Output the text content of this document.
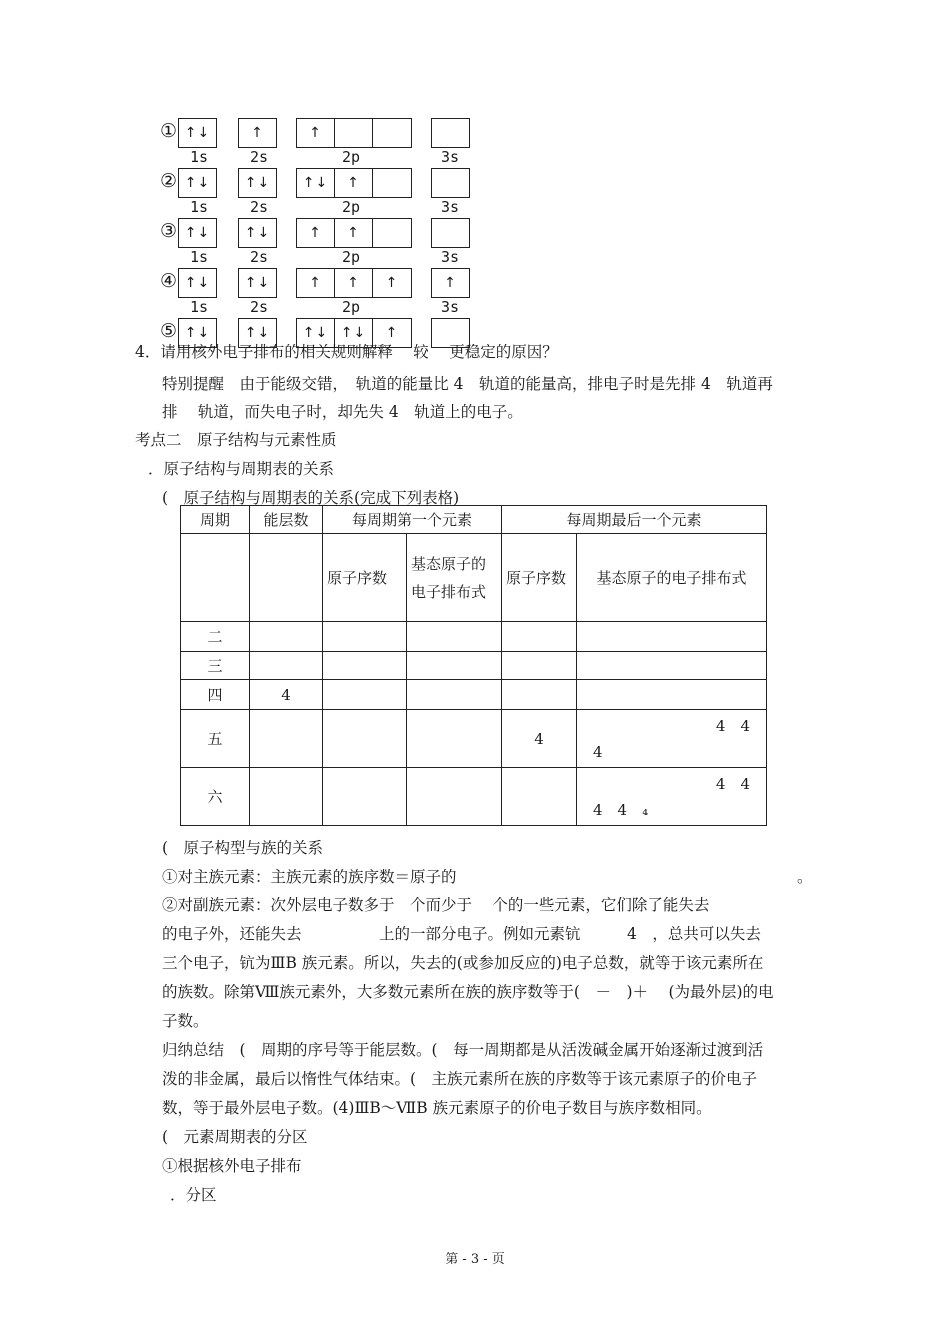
① ↑↓	↑	↑
1s	2s	2p	3s
② ↑↓	↑↓	↑↓	↑
1s	2s	2p	3s
③ ↑↓	↑↓	↑	↑
1s	2s	2p	3s
④ ↑↓	↑↓	↑	↑	↑	↑
1s	2s	2p	3s
⑤ ↑↓	↑↓	↑↓ ↑↓	↑
4．请用核外电子排布的相关规则解释　 较　 更稳定的原因？
特别提醒　由于能级交错，　轨道的能量比 4　轨道的能量高，排电子时是先排 4　轨道再
排　 轨道，而失电子时，却先失 4　轨道上的电子。
考点二　原子结构与元素性质
．原子结构与周期表的关系
(　原子结构与周期表的关系(完成下列表格)
周期	能层数	每周期第一个元素		每周期最后一个元素	
		原子序数	基态原子的电子排布式	原子序数	基态原子的电子排布式
二					

三					

四	4				

五				4	4　4
4

六					4　4
4　4　₄
(　原子构型与族的关系
①对主族元素：主族元素的族序数＝原子的	。
②对副族元素：次外层电子数多于　个而少于　 个的一些元素，它们除了能失去
的电子外，还能失去　　　　　上的一部分电子。例如元素钪　　　4　，总共可以失去
三个电子，钪为ⅢB 族元素。所以，失去的(或参加反应的)电子总数，就等于该元素所在
的族数。除第Ⅷ族元素外，大多数元素所在族的族序数等于(　－　)＋　 (为最外层)的电
子数。
归纳总结　(　周期的序号等于能层数。(　每一周期都是从活泼碱金属开始逐渐过渡到活
泼的非金属，最后以惰性气体结束。(　主族元素所在族的序数等于该元素原子的价电子
数，等于最外层电子数。(4)ⅢB～ⅦB 族元素原子的价电子数目与族序数相同。
(　元素周期表的分区
①根据核外电子排布
．分区
第 - 3 - 页
